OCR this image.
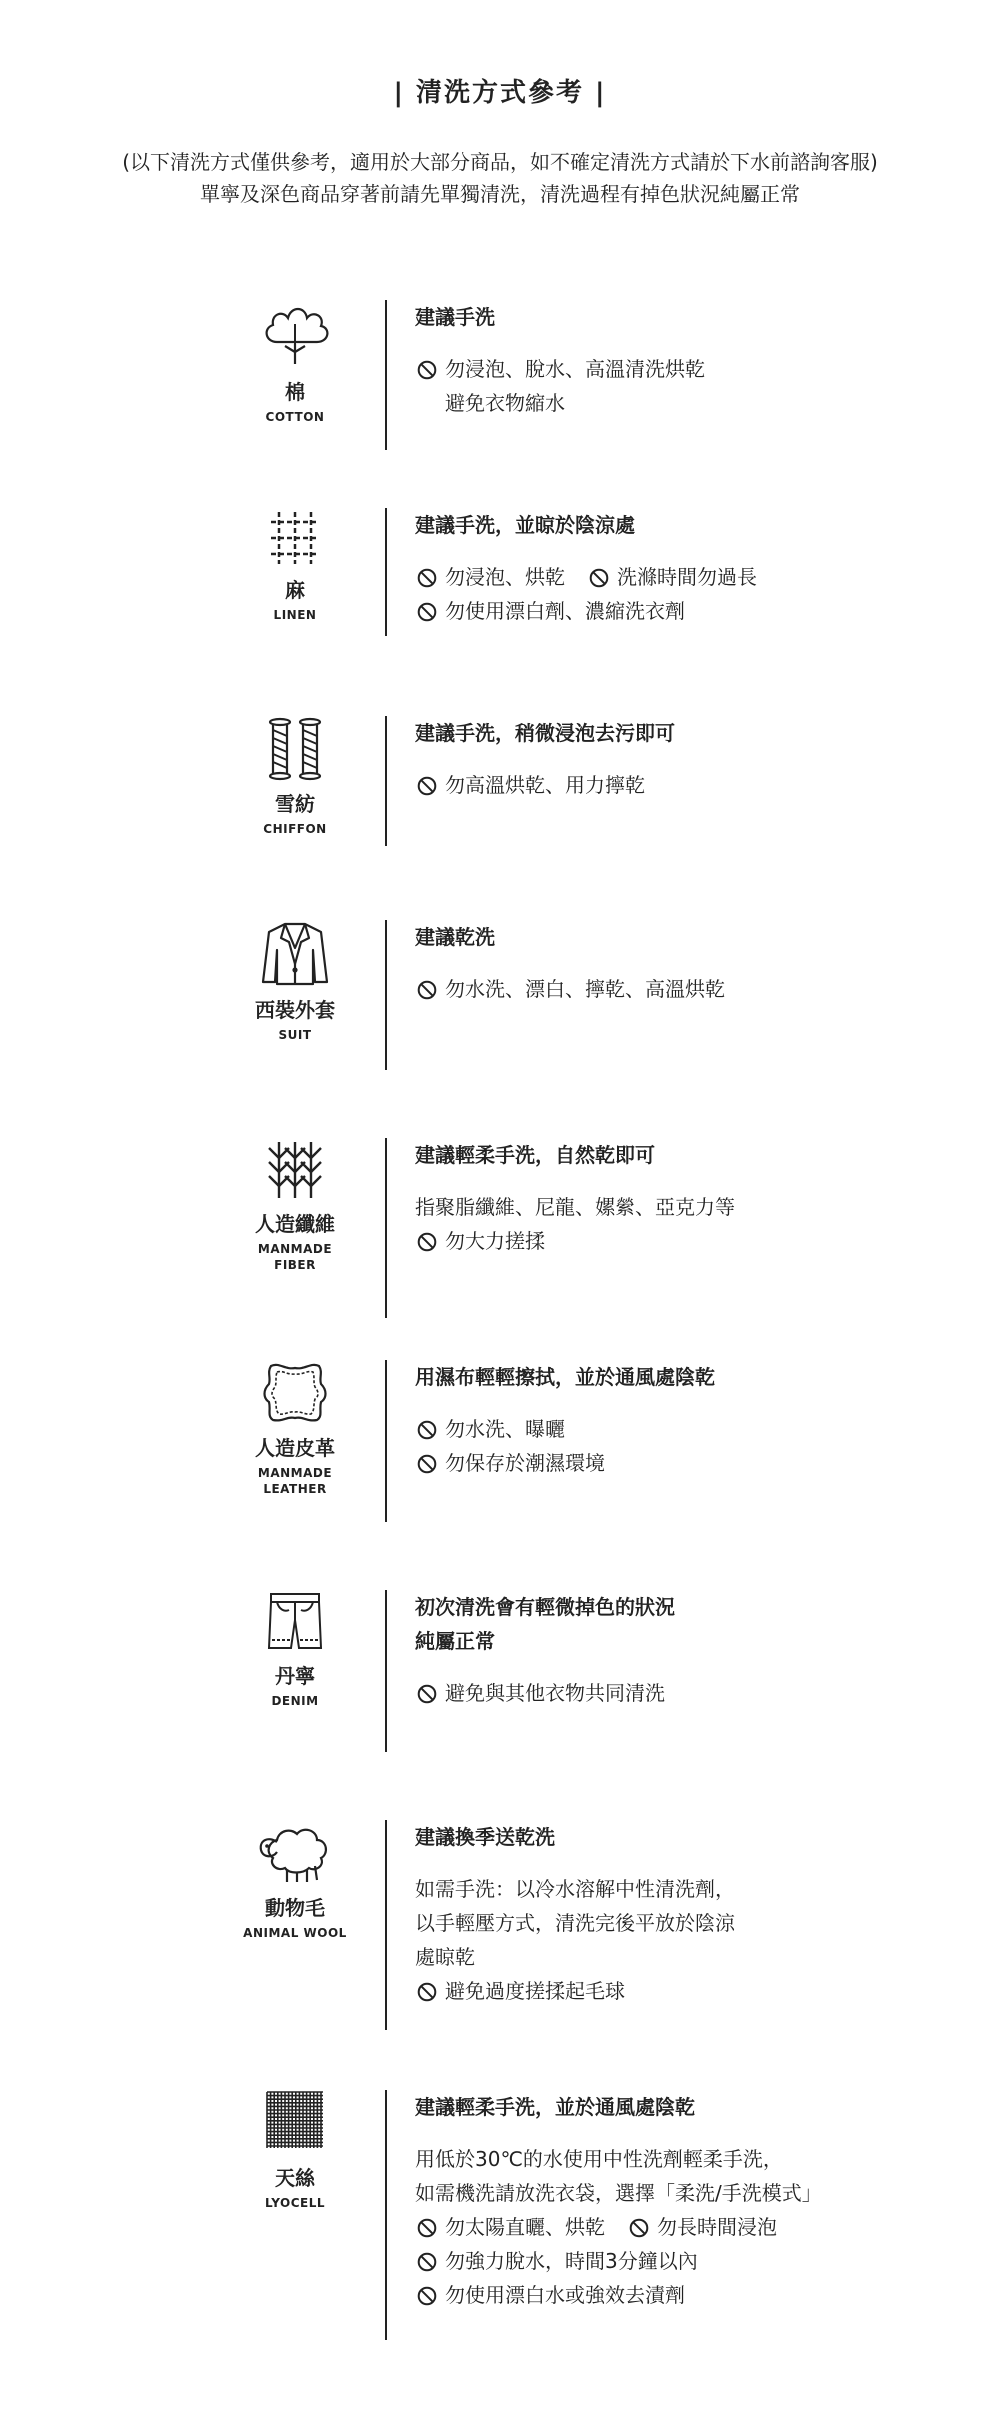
| 清洗方式參考 |
(以下清洗方式僅供參考，適用於大部分商品，如不確定清洗方式請於下水前諮詢客服)
單寧及深色商品穿著前請先單獨清洗，清洗過程有掉色狀況純屬正常
棉
COTTON
建議手洗
勿浸泡、脫水、高溫清洗烘乾
避免衣物縮水
麻
LINEN
建議手洗，並晾於陰涼處
勿浸泡、烘乾	洗滌時間勿過長
勿使用漂白劑、濃縮洗衣劑
雪紡
CHIFFON
建議手洗，稍微浸泡去污即可
勿高溫烘乾、用力擰乾
西裝外套
SUIT
建議乾洗
勿水洗、漂白、擰乾、高溫烘乾
人造纖維
MANMADE
FIBER
建議輕柔手洗，自然乾即可
指聚脂纖維、尼龍、嫘縈、亞克力等
勿大力搓揉
人造皮革
MANMADE
LEATHER
用濕布輕輕擦拭，並於通風處陰乾
勿水洗、曝曬
勿保存於潮濕環境
丹寧
DENIM
初次清洗會有輕微掉色的狀況
純屬正常
避免與其他衣物共同清洗
動物毛
ANIMAL WOOL
建議換季送乾洗
如需手洗：以冷水溶解中性清洗劑，
以手輕壓方式，清洗完後平放於陰涼
處晾乾
避免過度搓揉起毛球
天絲
LYOCELL
建議輕柔手洗，並於通風處陰乾
用低於30℃的水使用中性洗劑輕柔手洗，
如需機洗請放洗衣袋，選擇「柔洗/手洗模式」
勿太陽直曬、烘乾	勿長時間浸泡
勿強力脫水，時間3分鐘以內
勿使用漂白水或強效去漬劑
